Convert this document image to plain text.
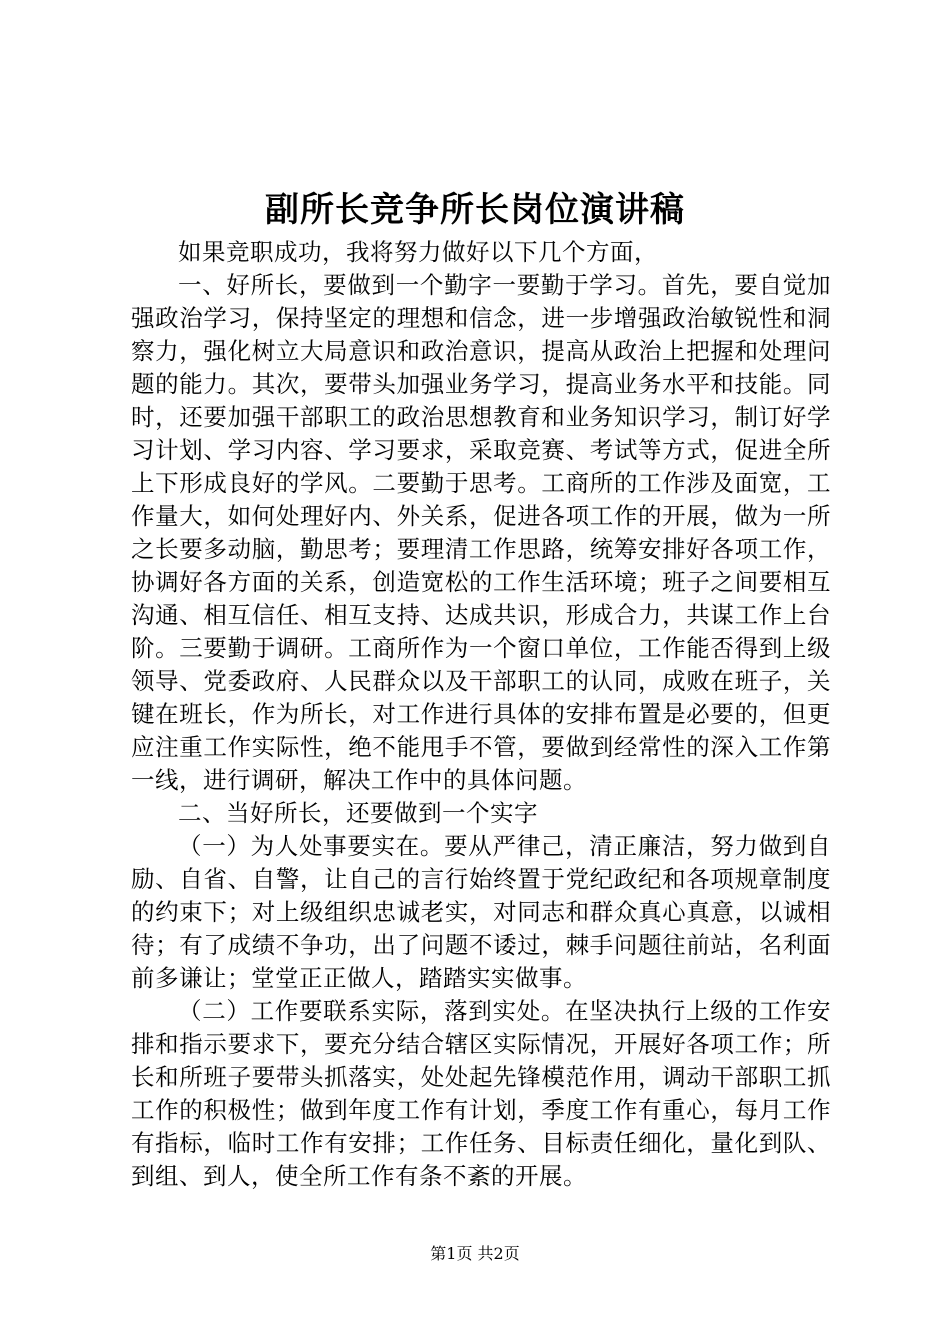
副所长竞争所长岗位演讲稿

如果竞职成功，我将努力做好以下几个方面，

一、好所长，要做到一个勤字一要勤于学习。首先，要自觉加强政治学习，保持坚定的理想和信念，进一步增强政治敏锐性和洞察力，强化树立大局意识和政治意识，提高从政治上把握和处理问题的能力。其次，要带头加强业务学习，提高业务水平和技能。同时，还要加强干部职工的政治思想教育和业务知识学习，制订好学习计划、学习内容、学习要求，采取竞赛、考试等方式，促进全所上下形成良好的学风。二要勤于思考。工商所的工作涉及面宽，工作量大，如何处理好内、外关系，促进各项工作的开展，做为一所之长要多动脑，勤思考；要理清工作思路，统筹安排好各项工作，协调好各方面的关系，创造宽松的工作生活环境；班子之间要相互沟通、相互信任、相互支持、达成共识，形成合力，共谋工作上台阶。三要勤于调研。工商所作为一个窗口单位，工作能否得到上级领导、党委政府、人民群众以及干部职工的认同，成败在班子，关键在班长，作为所长，对工作进行具体的安排布置是必要的，但更应注重工作实际性，绝不能甩手不管，要做到经常性的深入工作第一线，进行调研，解决工作中的具体问题。

二、当好所长，还要做到一个实字

（一）为人处事要实在。要从严律己，清正廉洁，努力做到自励、自省、自警，让自己的言行始终置于党纪政纪和各项规章制度的约束下；对上级组织忠诚老实，对同志和群众真心真意，以诚相待；有了成绩不争功，出了问题不诿过，棘手问题往前站，名利面前多谦让；堂堂正正做人，踏踏实实做事。

（二）工作要联系实际，落到实处。在坚决执行上级的工作安排和指示要求下，要充分结合辖区实际情况，开展好各项工作；所长和所班子要带头抓落实，处处起先锋模范作用，调动干部职工抓工作的积极性；做到年度工作有计划，季度工作有重心，每月工作有指标，临时工作有安排；工作任务、目标责任细化，量化到队、到组、到人，使全所工作有条不紊的开展。

第1页 共2页
